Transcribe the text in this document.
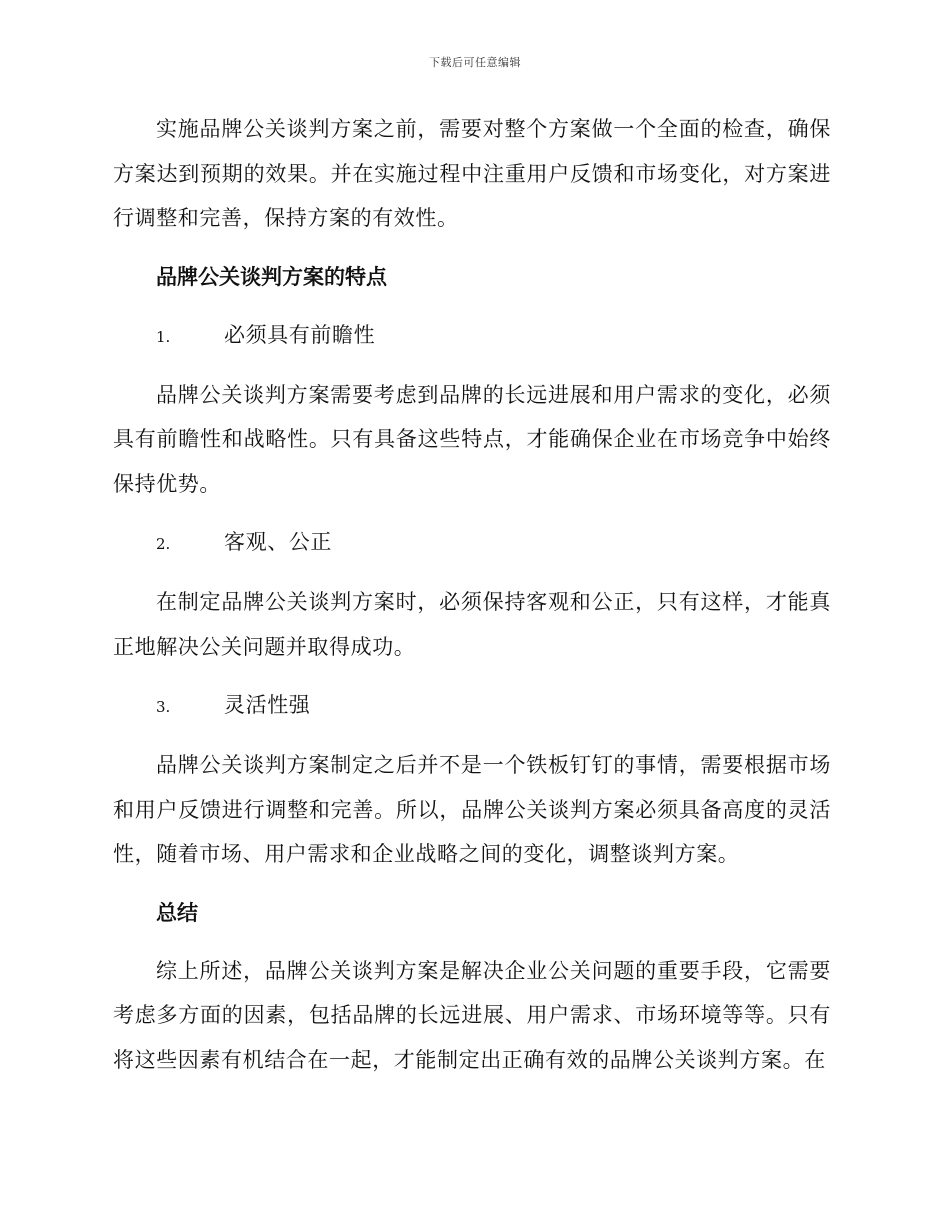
下载后可任意编辑

实施品牌公关谈判方案之前，需要对整个方案做一个全面的检查，确保方案达到预期的效果。并在实施过程中注重用户反馈和市场变化，对方案进行调整和完善，保持方案的有效性。

品牌公关谈判方案的特点
1.	必须具有前瞻性

品牌公关谈判方案需要考虑到品牌的长远进展和用户需求的变化，必须具有前瞻性和战略性。只有具备这些特点，才能确保企业在市场竞争中始终保持优势。

2.	客观、公正

在制定品牌公关谈判方案时，必须保持客观和公正，只有这样，才能真正地解决公关问题并取得成功。

3.	灵活性强

品牌公关谈判方案制定之后并不是一个铁板钉钉的事情，需要根据市场和用户反馈进行调整和完善。所以，品牌公关谈判方案必须具备高度的灵活性，随着市场、用户需求和企业战略之间的变化，调整谈判方案。

总结

综上所述，品牌公关谈判方案是解决企业公关问题的重要手段，它需要考虑多方面的因素，包括品牌的长远进展、用户需求、市场环境等等。只有将这些因素有机结合在一起，才能制定出正确有效的品牌公关谈判方案。在
